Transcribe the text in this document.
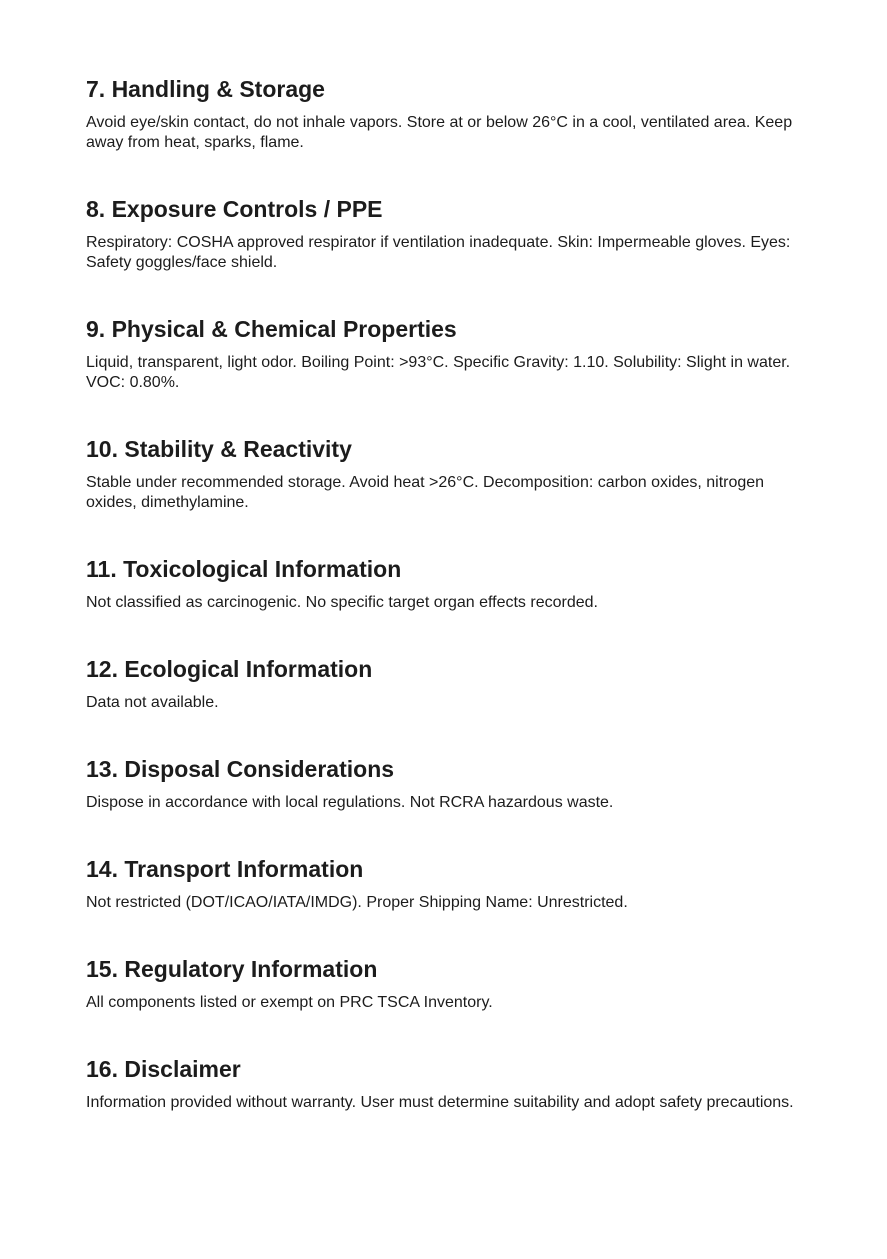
7. Handling & Storage

Avoid eye/skin contact, do not inhale vapors. Store at or below 26°C in a cool, ventilated area. Keep away from heat, sparks, flame.

8. Exposure Controls / PPE

Respiratory: COSHA approved respirator if ventilation inadequate. Skin: Impermeable gloves. Eyes: Safety goggles/face shield.

9. Physical & Chemical Properties

Liquid, transparent, light odor. Boiling Point: >93°C. Specific Gravity: 1.10. Solubility: Slight in water. VOC: 0.80%.

10. Stability & Reactivity

Stable under recommended storage. Avoid heat >26°C. Decomposition: carbon oxides, nitrogen oxides, dimethylamine.

11. Toxicological Information

Not classified as carcinogenic. No specific target organ effects recorded.

12. Ecological Information

Data not available.

13. Disposal Considerations

Dispose in accordance with local regulations. Not RCRA hazardous waste.

14. Transport Information

Not restricted (DOT/ICAO/IATA/IMDG). Proper Shipping Name: Unrestricted.

15. Regulatory Information

All components listed or exempt on PRC TSCA Inventory.

16. Disclaimer

Information provided without warranty. User must determine suitability and adopt safety precautions.
